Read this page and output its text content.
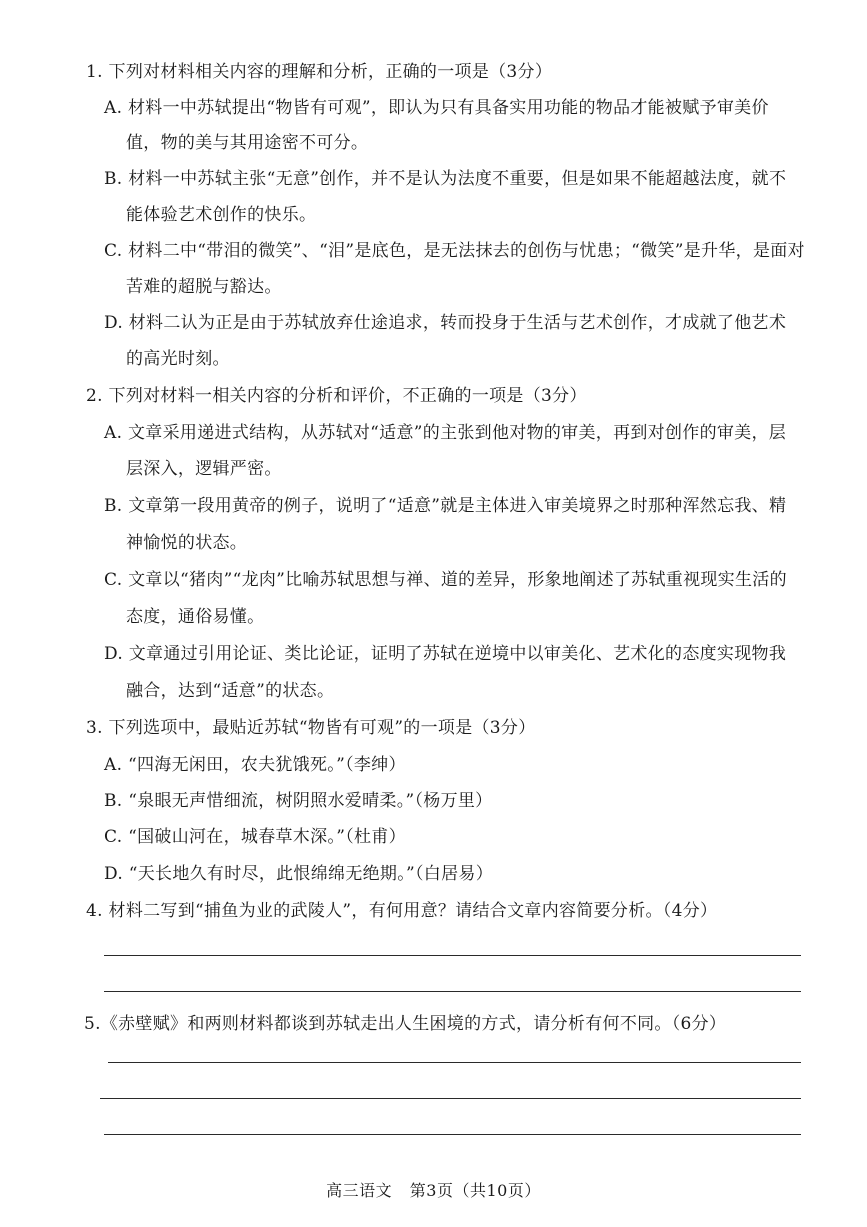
1. 下列对材料相关内容的理解和分析，正确的一项是（3分）
A. 材料一中苏轼提出“物皆有可观”，即认为只有具备实用功能的物品才能被赋予审美价
值，物的美与其用途密不可分。
B. 材料一中苏轼主张“无意”创作，并不是认为法度不重要，但是如果不能超越法度，就不
能体验艺术创作的快乐。
C. 材料二中“带泪的微笑”、“泪”是底色，是无法抹去的创伤与忧患；“微笑”是升华，是面对
苦难的超脱与豁达。
D. 材料二认为正是由于苏轼放弃仕途追求，转而投身于生活与艺术创作，才成就了他艺术
的高光时刻。
2. 下列对材料一相关内容的分析和评价，不正确的一项是（3分）
A. 文章采用递进式结构，从苏轼对“适意”的主张到他对物的审美，再到对创作的审美，层
层深入，逻辑严密。
B. 文章第一段用黄帝的例子，说明了“适意”就是主体进入审美境界之时那种浑然忘我、精
神愉悦的状态。
C. 文章以“猪肉”“龙肉”比喻苏轼思想与禅、道的差异，形象地阐述了苏轼重视现实生活的
态度，通俗易懂。
D. 文章通过引用论证、类比论证，证明了苏轼在逆境中以审美化、艺术化的态度实现物我
融合，达到“适意”的状态。
3. 下列选项中，最贴近苏轼“物皆有可观”的一项是（3分）
A. “四海无闲田，农夫犹饿死。”（李绅）
B. “泉眼无声惜细流，树阴照水爱晴柔。”（杨万里）
C. “国破山河在，城春草木深。”（杜甫）
D. “天长地久有时尽，此恨绵绵无绝期。”（白居易）
4. 材料二写到“捕鱼为业的武陵人”，有何用意？请结合文章内容简要分析。（4分）
5.《赤壁赋》和两则材料都谈到苏轼走出人生困境的方式，请分析有何不同。（6分）
高三语文 第3页（共10页）
